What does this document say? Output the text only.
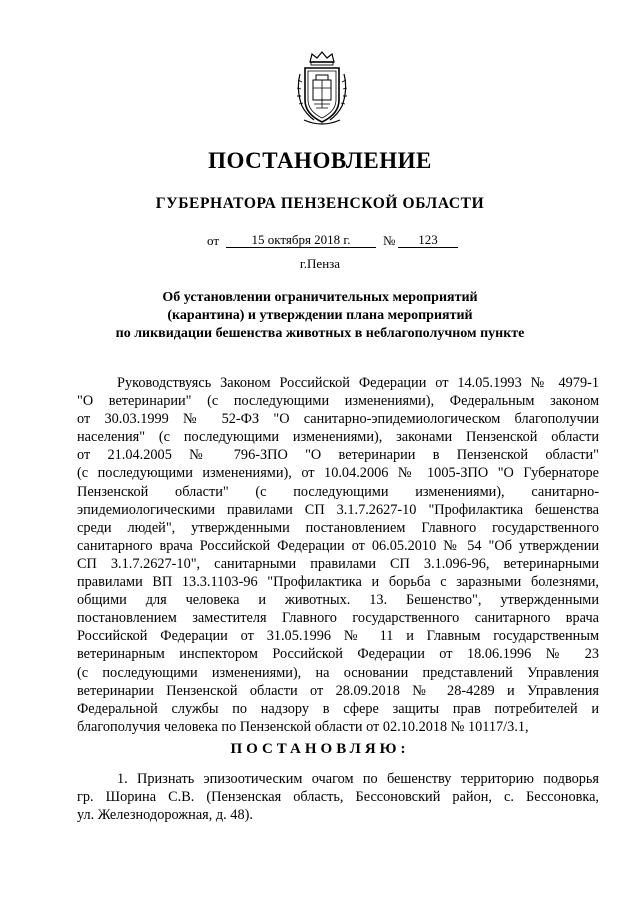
ПОСТАНОВЛЕНИЕ
ГУБЕРНАТОРА ПЕНЗЕНСКОЙ ОБЛАСТИ
от	15 октября 2018 г.	№	123
г.Пенза
Об установлении ограничительных мероприятий
(карантина) и утверждении плана мероприятий
по ликвидации бешенства животных в неблагополучном пункте
Руководствуясь Законом Российской Федерации от 14.05.1993 № 4979-1
"О ветеринарии" (с последующими изменениями), Федеральным законом
от 30.03.1999 № 52-ФЗ "О санитарно-эпидемиологическом благополучии
населения" (с последующими изменениями), законами Пензенской области
от 21.04.2005 № 796-ЗПО "О ветеринарии в Пензенской области"
(с последующими изменениями), от 10.04.2006 № 1005-ЗПО "О Губернаторе
Пензенской области" (с последующими изменениями), санитарно-
эпидемиологическими правилами СП 3.1.7.2627-10 "Профилактика бешенства
среди людей", утвержденными постановлением Главного государственного
санитарного врача Российской Федерации от 06.05.2010 № 54 "Об утверждении
СП 3.1.7.2627-10", санитарными правилами СП 3.1.096-96, ветеринарными
правилами ВП 13.3.1103-96 "Профилактика и борьба с заразными болезнями,
общими для человека и животных. 13. Бешенство", утвержденными
постановлением заместителя Главного государственного санитарного врача
Российской Федерации от 31.05.1996 № 11 и Главным государственным
ветеринарным инспектором Российской Федерации от 18.06.1996 № 23
(с последующими изменениями), на основании представлений Управления
ветеринарии Пензенской области от 28.09.2018 № 28-4289 и Управления
Федеральной службы по надзору в сфере защиты прав потребителей и
благополучия человека по Пензенской области от 02.10.2018 № 10117/3.1,
ПОСТАНОВЛЯЮ:
1. Признать эпизоотическим очагом по бешенству территорию подворья
гр. Шорина С.В. (Пензенская область, Бессоновский район, с. Бессоновка,
ул. Железнодорожная, д. 48).
